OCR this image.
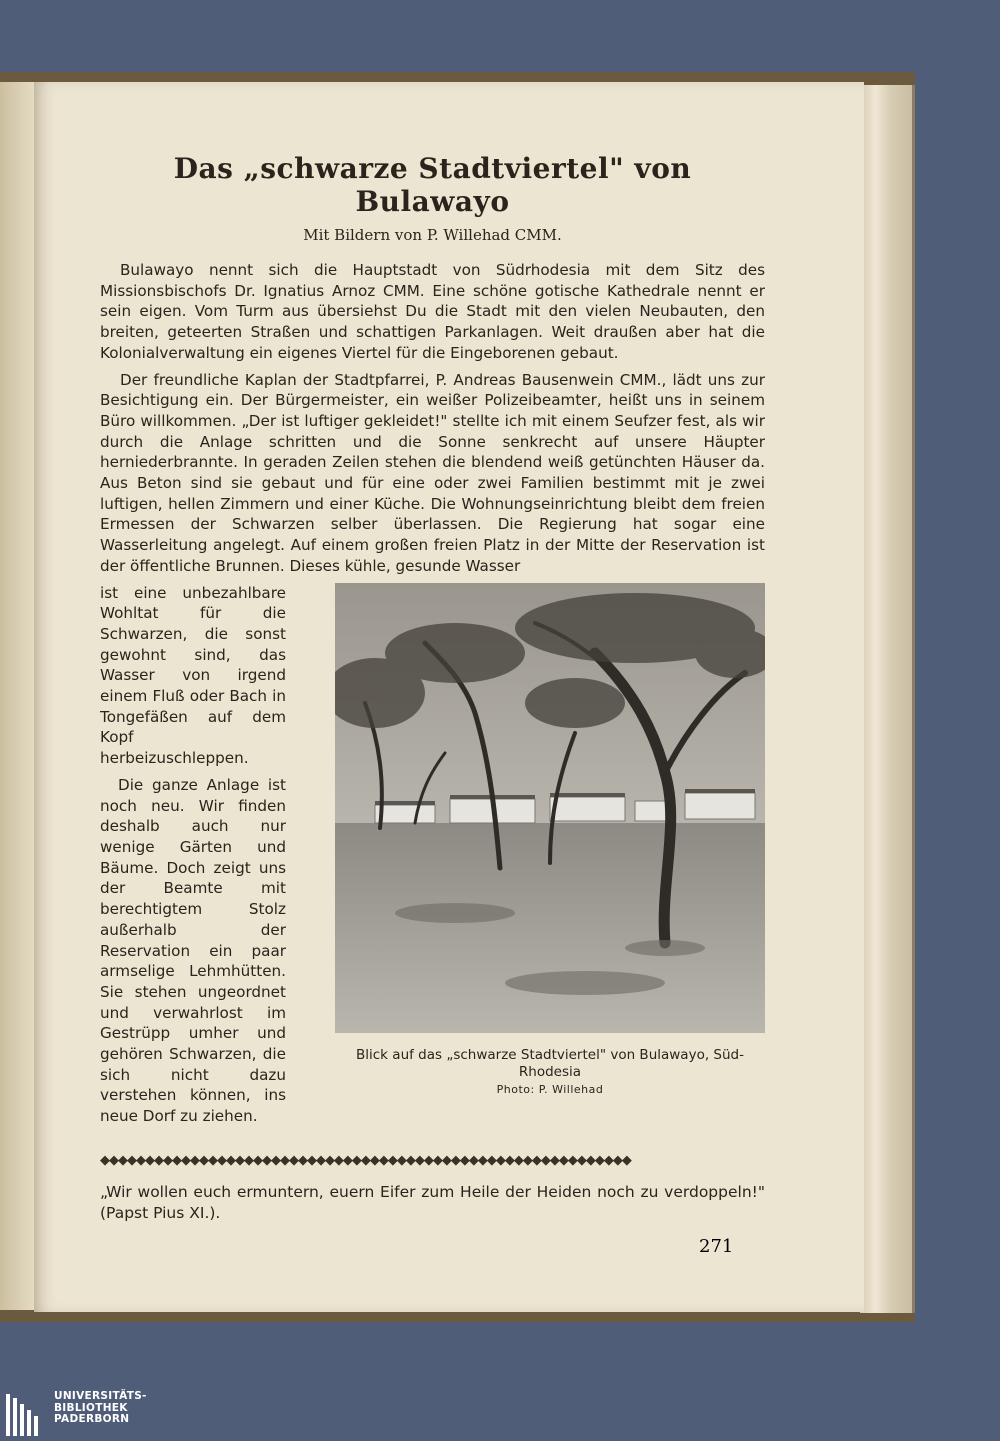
Das „schwarze Stadtviertel" von Bulawayo
Mit Bildern von P. Willehad CMM.

Bulawayo nennt sich die Hauptstadt von Südrhodesia mit dem Sitz des Missionsbischofs Dr. Ignatius Arnoz CMM. Eine schöne gotische Kathedrale nennt er sein eigen. Vom Turm aus übersiehst Du die Stadt mit den vielen Neubauten, den breiten, geteerten Straßen und schattigen Parkanlagen. Weit draußen aber hat die Kolonialverwaltung ein eigenes Viertel für die Eingeborenen gebaut.

Der freundliche Kaplan der Stadtpfarrei, P. Andreas Bausenwein CMM., lädt uns zur Besichtigung ein. Der Bürgermeister, ein weißer Polizeibeamter, heißt uns in seinem Büro willkommen. „Der ist luftiger gekleidet!" stellte ich mit einem Seufzer fest, als wir durch die Anlage schritten und die Sonne senkrecht auf unsere Häupter herniederbrannte. In geraden Zeilen stehen die blendend weiß getünchten Häuser da. Aus Beton sind sie gebaut und für eine oder zwei Familien bestimmt mit je zwei luftigen, hellen Zimmern und einer Küche. Die Wohnungseinrichtung bleibt dem freien Ermessen der Schwarzen selber überlassen. Die Regierung hat sogar eine Wasserleitung angelegt. Auf einem großen freien Platz in der Mitte der Reservation ist der öffentliche Brunnen. Dieses kühle, gesunde Wasser

ist eine unbezahlbare Wohltat für die Schwarzen, die sonst gewohnt sind, das Wasser von irgend einem Fluß oder Bach in Tongefäßen auf dem Kopf herbeizuschleppen.

Die ganze Anlage ist noch neu. Wir finden deshalb auch nur wenige Gärten und Bäume. Doch zeigt uns der Beamte mit berechtigtem Stolz außerhalb der Reservation ein paar armselige Lehmhütten. Sie stehen ungeordnet und verwahrlost im Gestrüpp umher und gehören Schwarzen, die sich nicht dazu verstehen können, ins neue Dorf zu ziehen.

Blick auf das „schwarze Stadtviertel" von Bulawayo, Süd-Rhodesia
Photo: P. Willehad
◆◆◆◆◆◆◆◆◆◆◆◆◆◆◆◆◆◆◆◆◆◆◆◆◆◆◆◆◆◆◆◆◆◆◆◆◆◆◆◆◆◆◆◆◆◆◆◆◆◆◆◆◆◆◆◆◆◆◆
„Wir wollen euch ermuntern, euern Eifer zum Heile der Heiden noch zu verdoppeln!" (Papst Pius XI.).
271
UNIVERSITÄTS-
BIBLIOTHEK
PADERBORN
